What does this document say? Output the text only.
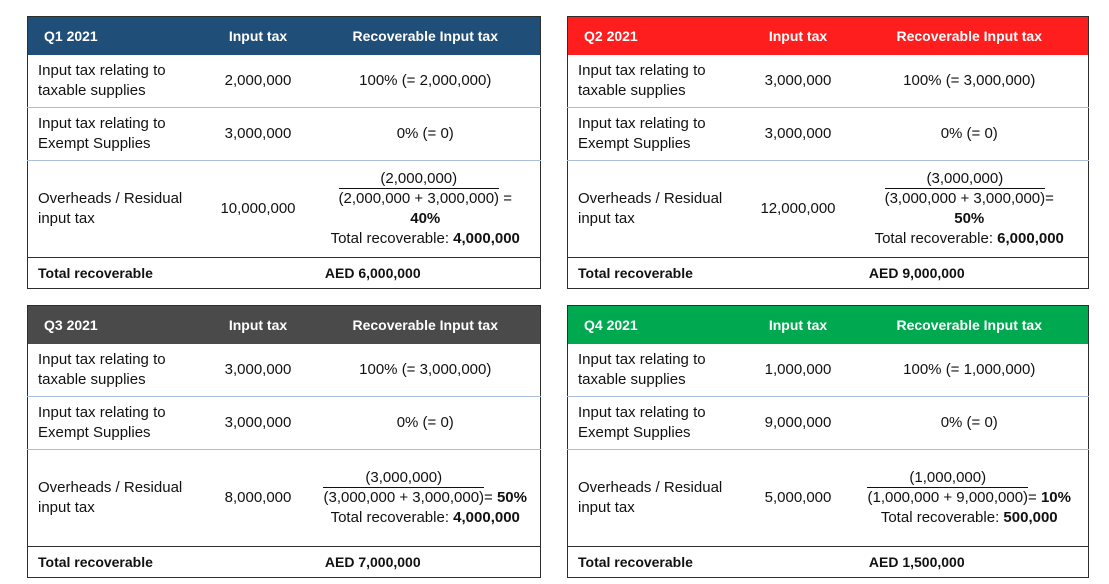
Q1 2021	Input tax	Recoverable Input tax
Input tax relating to
taxable supplies	2,000,000	100% (= 2,000,000)
Input tax relating to
Exempt Supplies	3,000,000	0% (= 0)
Overheads / Residual
input tax	10,000,000	$\frac{(2,000,000)}{(2,000,000 + 3,000,000)}$ =
40%
Total recoverable: 4,000,000
Total recoverable	AED 6,000,000	
Q2 2021	Input tax	Recoverable Input tax
Input tax relating to
taxable supplies	3,000,000	100% (= 3,000,000)
Input tax relating to
Exempt Supplies	3,000,000	0% (= 0)
Overheads / Residual
input tax	12,000,000	$\frac{(3,000,000)}{(3,000,000 + 3,000,000)}=$
50%
Total recoverable: 6,000,000
Total recoverable	AED 9,000,000	
Q3 2021	Input tax	Recoverable Input tax
Input tax relating to
taxable supplies	3,000,000	100% (= 3,000,000)
Input tax relating to
Exempt Supplies	3,000,000	0% (= 0)
Overheads / Residual
input tax	8,000,000	$\frac{(3,000,000)}{(3,000,000 + 3,000,000)}= 50\%$
Total recoverable: 4,000,000
Total recoverable	AED 7,000,000	
Q4 2021	Input tax	Recoverable Input tax
Input tax relating to
taxable supplies	1,000,000	100% (= 1,000,000)
Input tax relating to
Exempt Supplies	9,000,000	0% (= 0)
Overheads / Residual
input tax	5,000,000	$\frac{(1,000,000)}{(1,000,000 + 9,000,000)}= 10\%$
Total recoverable: 500,000
Total recoverable	AED 1,500,000	
